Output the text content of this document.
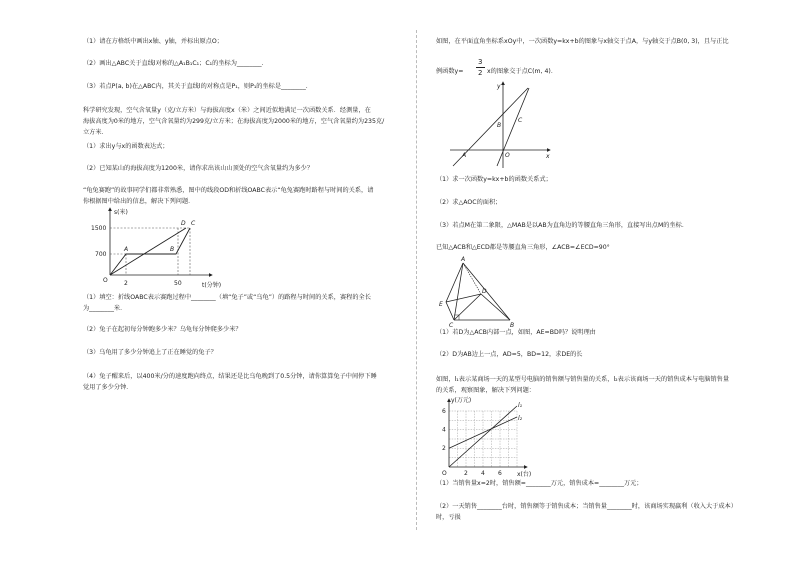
（1）请在方格纸中画出x轴、y轴，并标出原点O；
（2）画出△ABC关于直线l对称的△A₁B₁C₁；C₁的坐标为________．
（3）若点P(a, b)在△ABC内，其关于直线l的对称点是P₁，则P₁的坐标是________．
科学研究发现，空气含氧量y（克/立方米）与海拔高度x（米）之间近似地满足一次函数关系．经测量，在
海拔高度为0米的地方，空气含氧量约为299克/立方米；在海拔高度为2000米的地方，空气含氧量约为235克/
立方米．
（1）求出y与x的函数表达式；
（2）已知某山的海拔高度为1200米，请你求出该山山顶处的空气含氧量约为多少？
“龟兔赛跑”的故事同学们都非常熟悉，图中的线段OD和折线OABC表示“龟兔赛跑时路程与时间的关系，请
你根据图中给出的信息，解决下列问题．
s(米)
t(分钟)
1500
700
2	50
O
A	B
C
D
（1）填空：折线OABC表示赛跑过程中________（填“兔子”或“乌龟”）的路程与时间的关系，赛程的全长
为________米．
（2）兔子在起初每分钟跑多少米？乌龟每分钟爬多少米？
（3）乌龟用了多少分钟追上了正在睡觉的兔子？
（4）兔子醒来后，以400米/分的速度跑向终点，结果还是比乌龟晚到了0.5分钟，请你算算兔子中间停下睡
觉用了多少分钟．
如图，在平面直角坐标系xOy中，一次函数y=kx+b的图象与x轴交于点A，与y轴交于点B(0, 3)，且与正比
例函数y=
3
2 x的图象交于点C(m, 4)．
y
x
B
C
A	O
（1）求一次函数y=kx+b的函数关系式；
（2）求△AOC的面积；
（3）若点M在第二象限，△MAB是以AB为直角边的等腰直角三角形，直接写出点M的坐标．
已知△ACB和△ECD都是等腰直角三角形，∠ACB=∠ECD=90°
A
E
D
C	B
（1）若D为△ACB内部一点，如图，AE=BD吗？说明理由
（2）D为AB边上一点，AD=5，BD=12，求DE的长
如图，l₁表示某商场一天的某型号电脑的销售额与销售量的关系，l₂表示该商场一天的销售成本与电脑销售量
的关系，观察图象，解决下列问题：
y(万元)
x(台)
6
4
2
2 4 6
O
l₁
l₂
（1）当销售量x=2时，销售额=________万元，销售成本=________万元；
（2）一天销售________台时，销售额等于销售成本；当销售量________时，该商场实现赢利（收入大于成本）
时，亏损
